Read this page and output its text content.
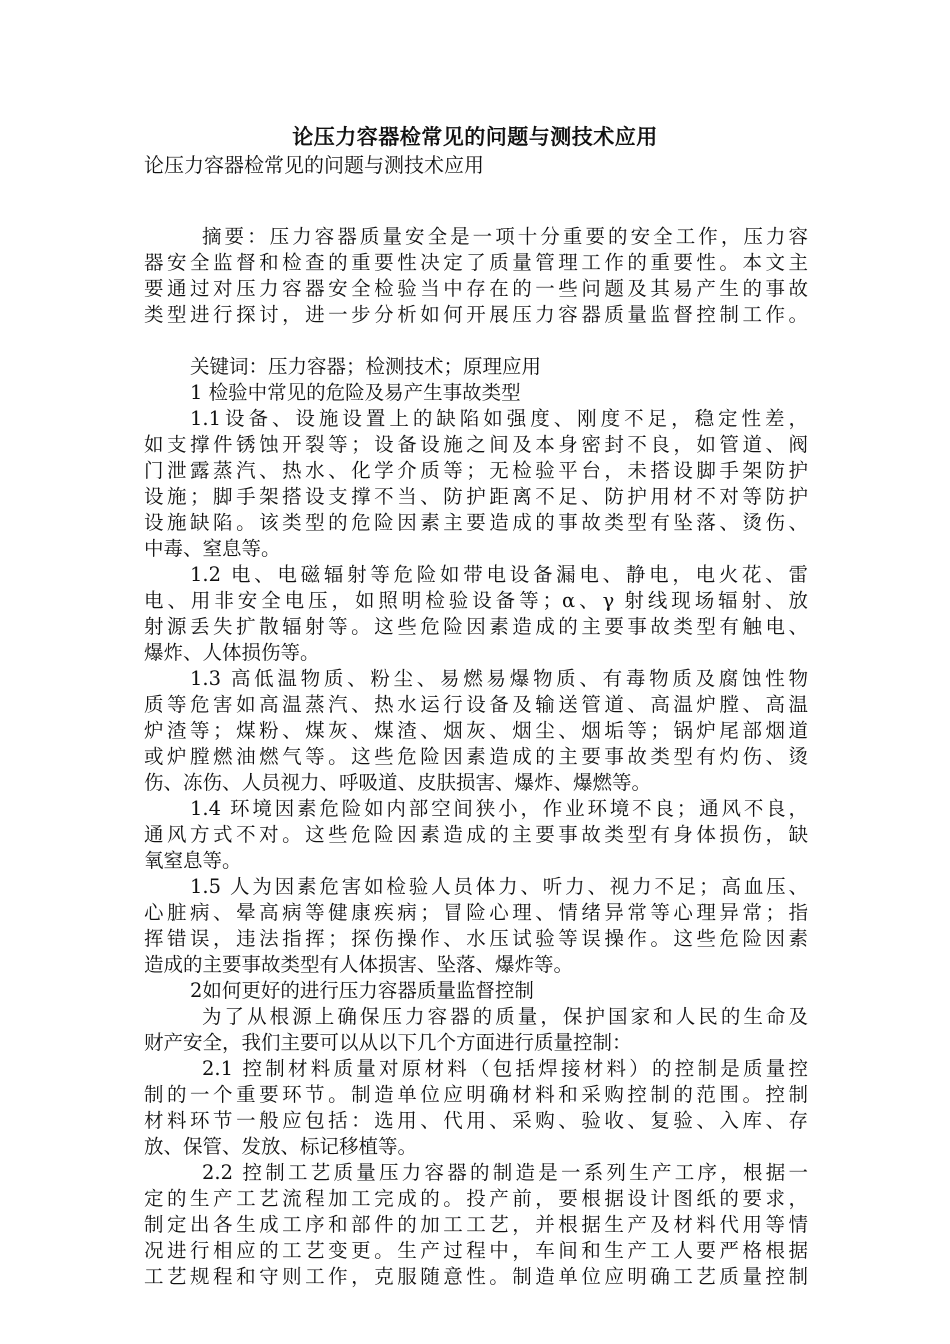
论压力容器检常见的问题与测技术应用
论压力容器检常见的问题与测技术应用
摘要：压力容器质量安全是一项十分重要的安全工作，压力容
器安全监督和检查的重要性决定了质量管理工作的重要性。本文主
要通过对压力容器安全检验当中存在的一些问题及其易产生的事故
类型进行探讨，进一步分析如何开展压力容器质量监督控制工作。
关键词：压力容器；检测技术；原理应用
1 检验中常见的危险及易产生事故类型
1.1设备、设施设置上的缺陷如强度、刚度不足，稳定性差，
如支撑件锈蚀开裂等；设备设施之间及本身密封不良，如管道、阀
门泄露蒸汽、热水、化学介质等；无检验平台，未搭设脚手架防护
设施；脚手架搭设支撑不当、防护距离不足、防护用材不对等防护
设施缺陷。该类型的危险因素主要造成的事故类型有坠落、烫伤、
中毒、窒息等。
1.2 电、电磁辐射等危险如带电设备漏电、静电，电火花、雷
电、用非安全电压，如照明检验设备等；α、γ 射线现场辐射、放
射源丢失扩散辐射等。这些危险因素造成的主要事故类型有触电、
爆炸、人体损伤等。
1.3 高低温物质、粉尘、易燃易爆物质、有毒物质及腐蚀性物
质等危害如高温蒸汽、热水运行设备及输送管道、高温炉膛、高温
炉渣等；煤粉、煤灰、煤渣、烟灰、烟尘、烟垢等；锅炉尾部烟道
或炉膛燃油燃气等。这些危险因素造成的主要事故类型有灼伤、烫
伤、冻伤、人员视力、呼吸道、皮肤损害、爆炸、爆燃等。
1.4 环境因素危险如内部空间狭小，作业环境不良；通风不良，
通风方式不对。这些危险因素造成的主要事故类型有身体损伤，缺
氧窒息等。
1.5 人为因素危害如检验人员体力、听力、视力不足；高血压、
心脏病、晕高病等健康疾病；冒险心理、情绪异常等心理异常；指
挥错误，违法指挥；探伤操作、水压试验等误操作。这些危险因素
造成的主要事故类型有人体损害、坠落、爆炸等。
2如何更好的进行压力容器质量监督控制
为了从根源上确保压力容器的质量，保护国家和人民的生命及
财产安全，我们主要可以从以下几个方面进行质量控制：
2.1 控制材料质量对原材料（包括焊接材料）的控制是质量控
制的一个重要环节。制造单位应明确材料和采购控制的范围。控制
材料环节一般应包括：选用、代用、采购、验收、复验、入库、存
放、保管、发放、标记移植等。
2.2 控制工艺质量压力容器的制造是一系列生产工序，根据一
定的生产工艺流程加工完成的。投产前，要根据设计图纸的要求，
制定出各生成工序和部件的加工工艺，并根据生产及材料代用等情
况进行相应的工艺变更。生产过程中，车间和生产工人要严格根据
工艺规程和守则工作，克服随意性。制造单位应明确工艺质量控制
